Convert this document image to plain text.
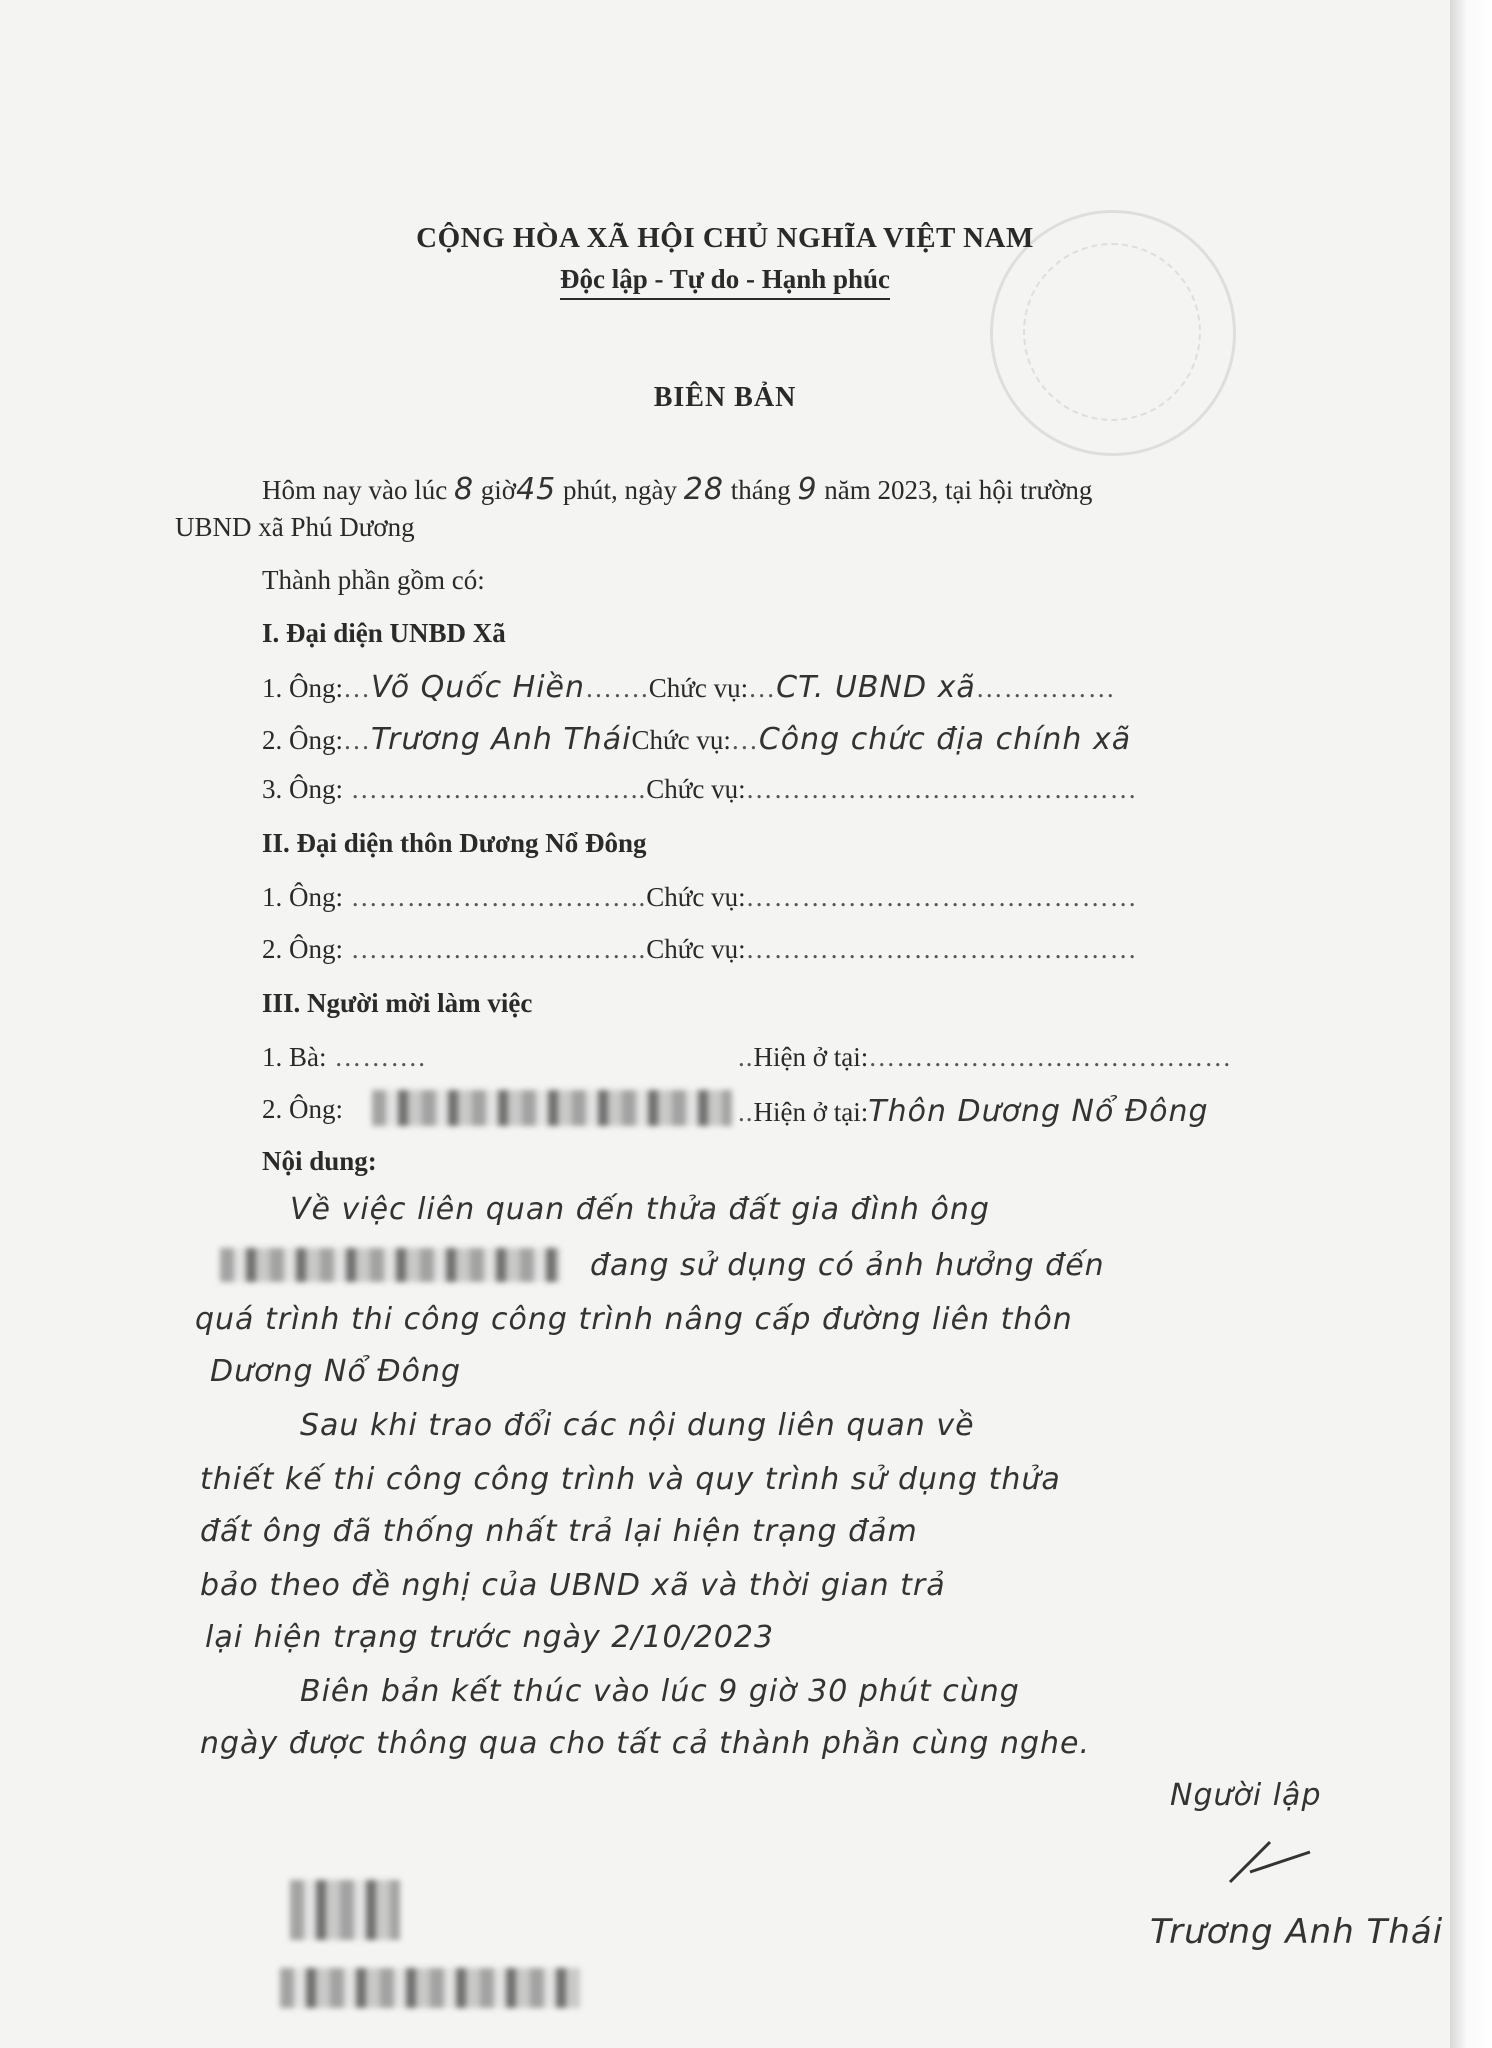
CỘNG HÒA XÃ HỘI CHỦ NGHĨA VIỆT NAM
Độc lập - Tự do - Hạnh phúc
BIÊN BẢN
Hôm nay vào lúc 8 giờ45 phút, ngày 28 tháng 9 năm 2023, tại hội trường
UBND xã Phú Dương
Thành phần gồm có:
I. Đại diện UNBD Xã
1. Ông:…Võ Quốc Hiền…….Chức vụ:…CT. UBND xã……………
2. Ông:…Trương Anh TháiChức vụ:…Công chức địa chính xã
3. Ông: …………………………..Chức vụ:……………………………………
II. Đại diện thôn Dương Nổ Đông
1. Ông: …………………………..Chức vụ:……………………………………
2. Ông: …………………………..Chức vụ:……………………………………
III. Người mời làm việc
1. Bà: ……….	..Hiện ở tại:…………………………………
2. Ông:	..Hiện ở tại:Thôn Dương Nổ Đông
Nội dung:
Về việc liên quan đến thửa đất gia đình ông
đang sử dụng có ảnh hưởng đến
quá trình thi công công trình nâng cấp đường liên thôn
Dương Nổ Đông
Sau khi trao đổi các nội dung liên quan về
thiết kế thi công công trình và quy trình sử dụng thửa
đất ông đã thống nhất trả lại hiện trạng đảm
bảo theo đề nghị của UBND xã và thời gian trả
lại hiện trạng trước ngày 2/10/2023
Biên bản kết thúc vào lúc 9 giờ 30 phút cùng
ngày được thông qua cho tất cả thành phần cùng nghe.
Người lập
Trương Anh Thái
